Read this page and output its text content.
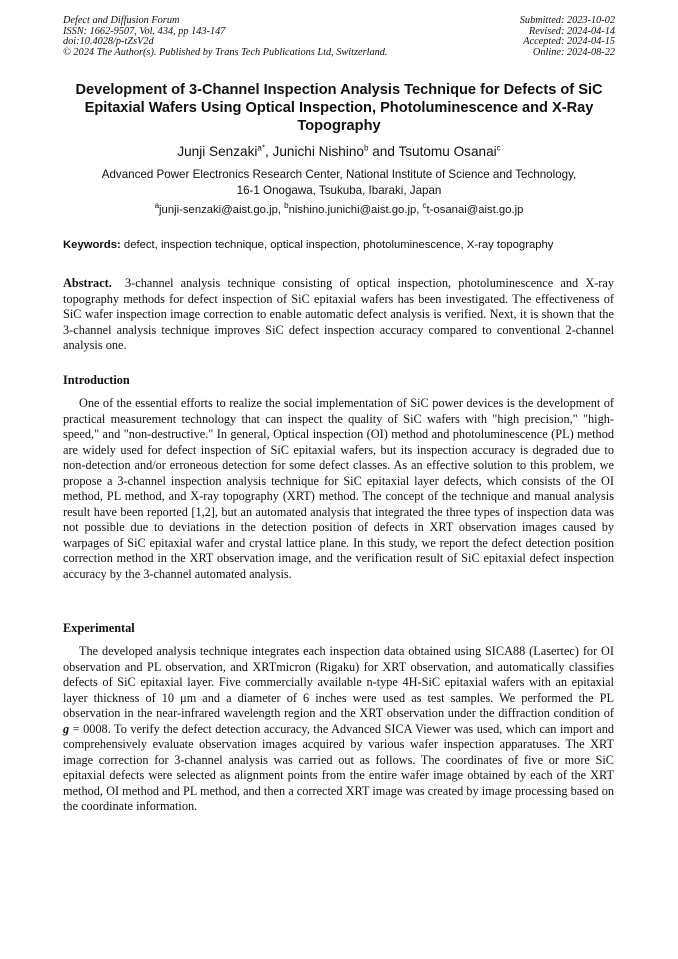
Defect and Diffusion Forum
ISSN: 1662-9507, Vol. 434, pp 143-147
doi:10.4028/p-tZsV2d
© 2024 The Author(s). Published by Trans Tech Publications Ltd, Switzerland.
Submitted: 2023-10-02
Revised: 2024-04-14
Accepted: 2024-04-15
Online: 2024-08-22
Development of 3-Channel Inspection Analysis Technique for Defects of SiC Epitaxial Wafers Using Optical Inspection, Photoluminescence and X-Ray Topography
Junji Senzaki$^{a*}$, Junichi Nishino$^b$ and Tsutomu Osanai$^c$
Advanced Power Electronics Research Center, National Institute of Science and Technology,
16-1 Onogawa, Tsukuba, Ibaraki, Japan
$^a$junji-senzaki@aist.go.jp, $^b$nishino.junichi@aist.go.jp, $^c$t-osanai@aist.go.jp
Keywords: defect, inspection technique, optical inspection, photoluminescence, X-ray topography

Abstract. 3-channel analysis technique consisting of optical inspection, photoluminescence and X-ray topography methods for defect inspection of SiC epitaxial wafers has been investigated. The effectiveness of SiC wafer inspection image correction to enable automatic defect analysis is verified. Next, it is shown that the 3-channel analysis technique improves SiC defect inspection accuracy compared to conventional 2-channel analysis one.

Introduction

One of the essential efforts to realize the social implementation of SiC power devices is the development of practical measurement technology that can inspect the quality of SiC wafers with "high precision," "high-speed," and "non-destructive." In general, Optical inspection (OI) method and photoluminescence (PL) method are widely used for defect inspection of SiC epitaxial wafers, but its inspection accuracy is degraded due to non-detection and/or erroneous detection for some defect classes. As an effective solution to this problem, we propose a 3-channel inspection analysis technique for SiC epitaxial layer defects, which consists of the OI method, PL method, and X-ray topography (XRT) method. The concept of the technique and manual analysis result have been reported [1,2], but an automated analysis that integrated the three types of inspection data was not possible due to deviations in the detection position of defects in XRT observation images caused by warpages of SiC epitaxial wafer and crystal lattice plane. In this study, we report the defect detection position correction method in the XRT observation image, and the verification result of SiC epitaxial defect inspection accuracy by the 3-channel automated analysis.

Experimental

The developed analysis technique integrates each inspection data obtained using SICA88 (Lasertec) for OI observation and PL observation, and XRTmicron (Rigaku) for XRT observation, and automatically classifies defects of SiC epitaxial layer. Five commercially available n-type 4H-SiC epitaxial wafers with an epitaxial layer thickness of 10 μm and a diameter of 6 inches were used as test samples. We performed the PL observation in the near-infrared wavelength region and the XRT observation under the diffraction condition of g = 0008. To verify the defect detection accuracy, the Advanced SICA Viewer was used, which can import and comprehensively evaluate observation images acquired by various wafer inspection apparatuses. The XRT image correction for 3-channel analysis was carried out as follows. The coordinates of five or more SiC epitaxial defects were selected as alignment points from the entire wafer image obtained by each of the XRT method, OI method and PL method, and then a corrected XRT image was created by image processing based on the coordinate information.
